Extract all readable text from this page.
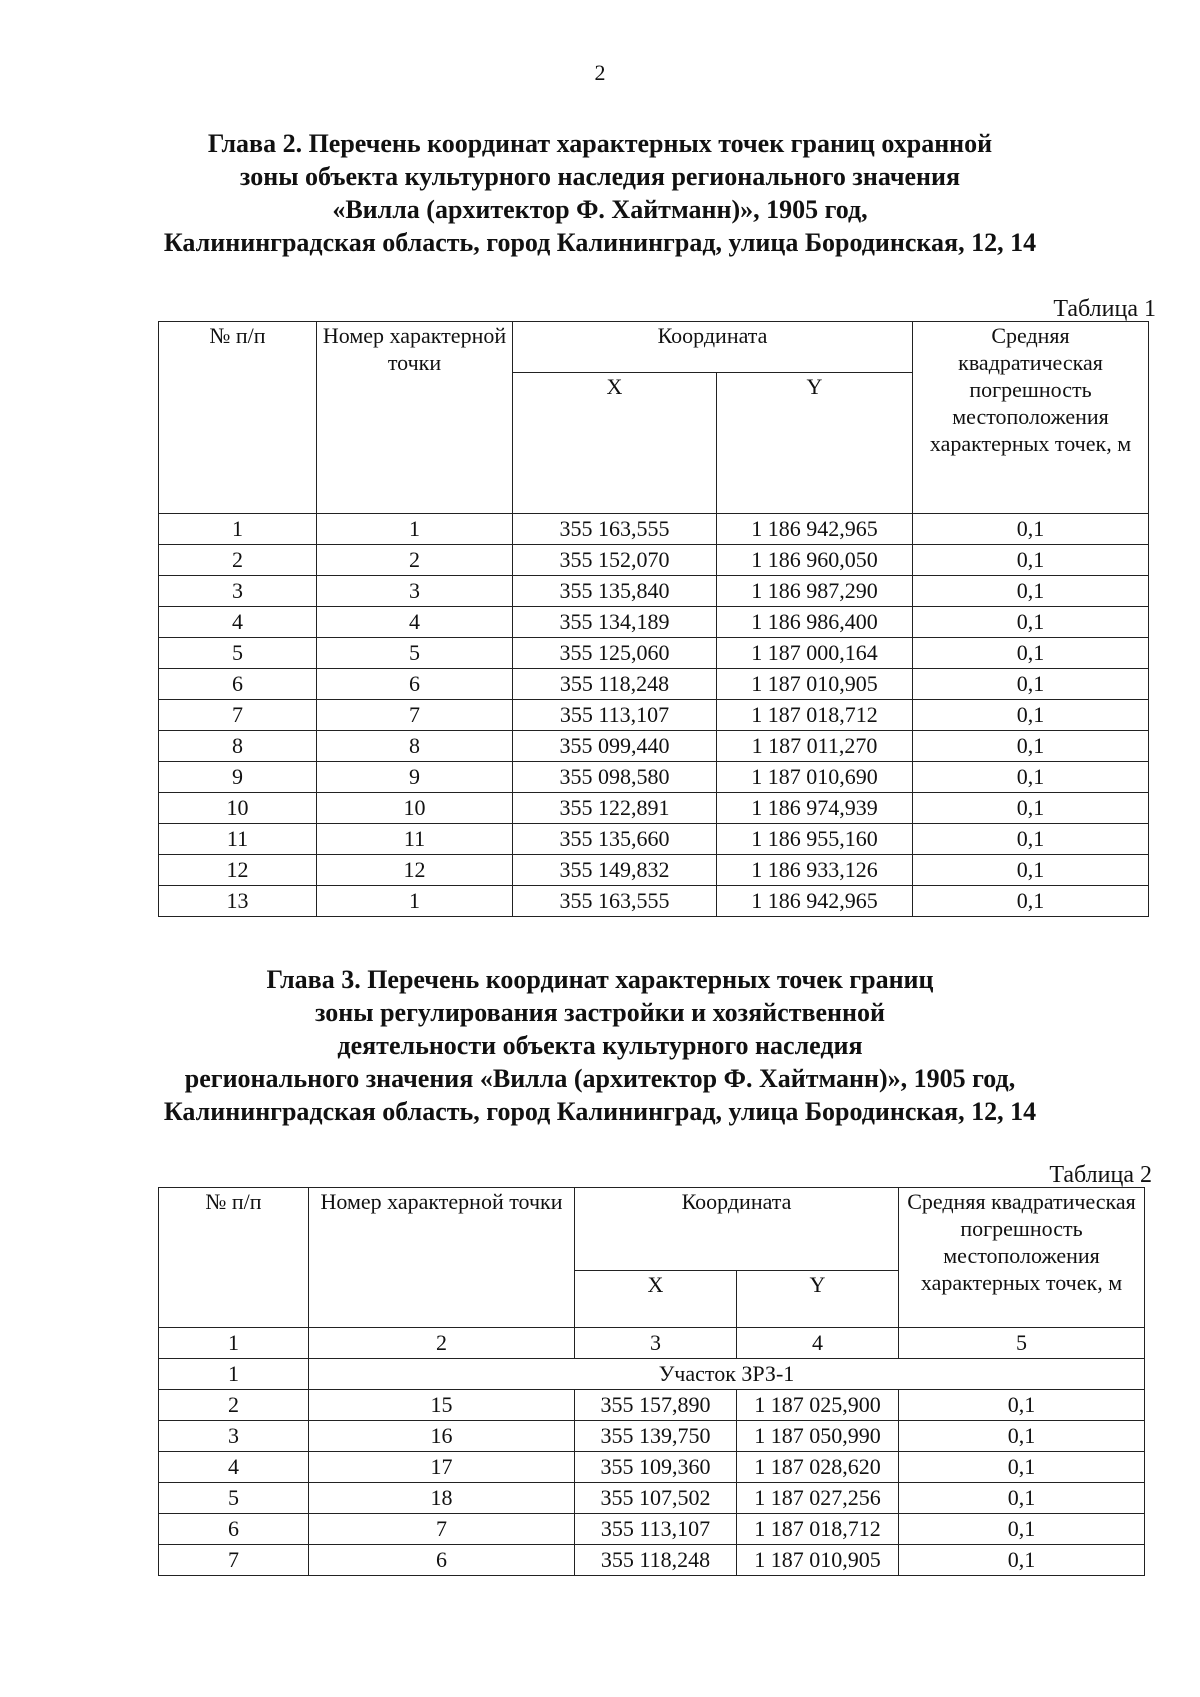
2
Глава 2. Перечень координат характерных точек границ охранной
зоны объекта культурного наследия регионального значения
«Вилла (архитектор Ф. Хайтманн)», 1905 год,
Калининградская область, город Калининград, улица Бородинская, 12, 14
Таблица 1
№ п/п	Номер характерной точки	Координата		Средняя квадратическая погрешность местоположения характерных точек, м
		X	Y	
1	1	355 163,555	1 186 942,965	0,1
2	2	355 152,070	1 186 960,050	0,1
3	3	355 135,840	1 186 987,290	0,1
4	4	355 134,189	1 186 986,400	0,1
5	5	355 125,060	1 187 000,164	0,1
6	6	355 118,248	1 187 010,905	0,1
7	7	355 113,107	1 187 018,712	0,1
8	8	355 099,440	1 187 011,270	0,1
9	9	355 098,580	1 187 010,690	0,1
10	10	355 122,891	1 186 974,939	0,1
11	11	355 135,660	1 186 955,160	0,1
12	12	355 149,832	1 186 933,126	0,1
13	1	355 163,555	1 186 942,965	0,1
Глава 3. Перечень координат характерных точек границ
зоны регулирования застройки и хозяйственной
деятельности объекта культурного наследия
регионального значения «Вилла (архитектор Ф. Хайтманн)», 1905 год,
Калининградская область, город Калининград, улица Бородинская, 12, 14
Таблица 2
№ п/п	Номер характерной точки	Координата		Средняя квадратическая погрешность местоположения характерных точек, м
		X	Y	
1	2	3	4	5
1	Участок ЗРЗ-1			
2	15	355 157,890	1 187 025,900	0,1
3	16	355 139,750	1 187 050,990	0,1
4	17	355 109,360	1 187 028,620	0,1
5	18	355 107,502	1 187 027,256	0,1
6	7	355 113,107	1 187 018,712	0,1
7	6	355 118,248	1 187 010,905	0,1
